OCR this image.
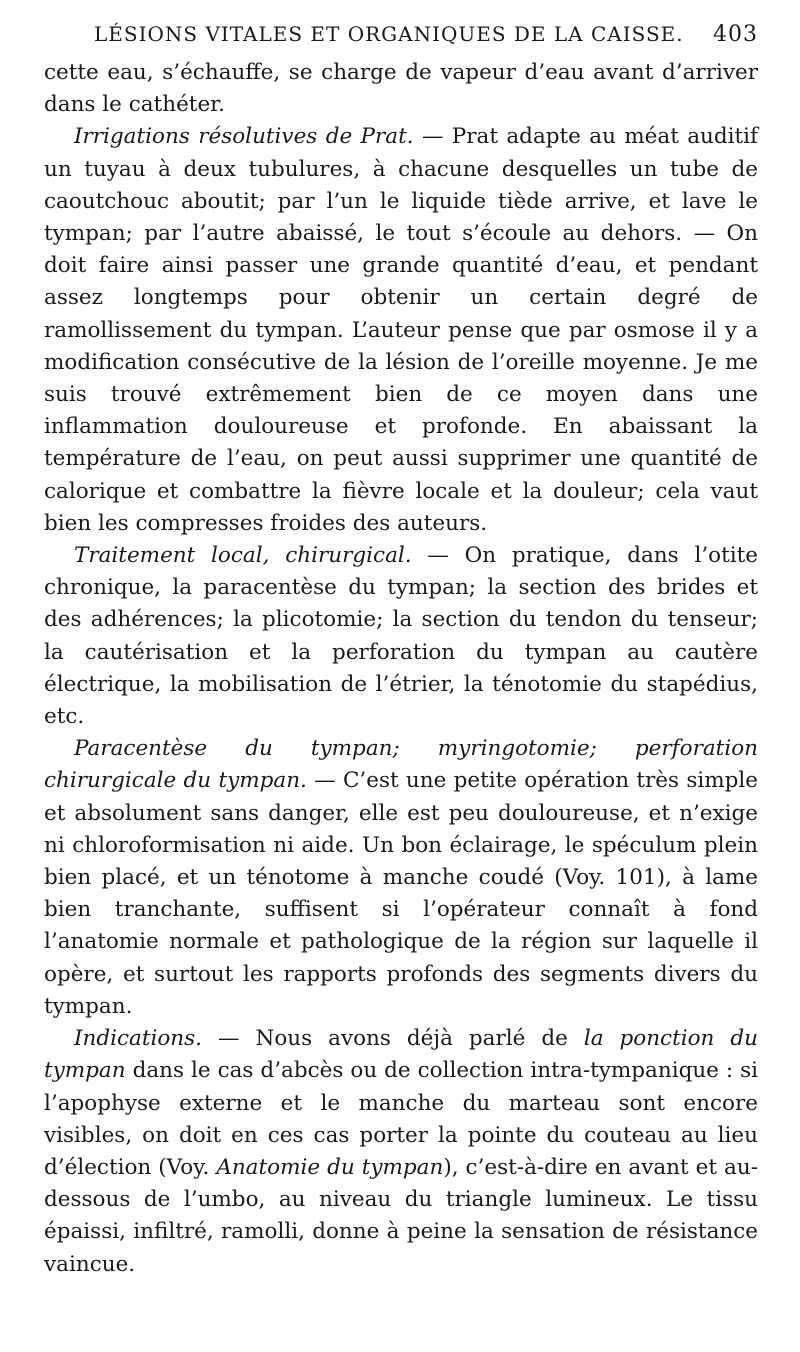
LÉSIONS VITALES ET ORGANIQUES DE LA CAISSE. 403

cette eau, s’échauffe, se charge de vapeur d’eau avant d’arriver dans le cathéter.

Irrigations résolutives de Prat. — Prat adapte au méat auditif un tuyau à deux tubulures, à chacune desquelles un tube de caoutchouc aboutit; par l’un le liquide tiède arrive, et lave le tympan; par l’autre abaissé, le tout s’écoule au dehors. — On doit faire ainsi passer une grande quantité d’eau, et pendant assez longtemps pour obtenir un certain degré de ramollissement du tympan. L’auteur pense que par osmose il y a modification consécutive de la lésion de l’oreille moyenne. Je me suis trouvé extrêmement bien de ce moyen dans une inflammation douloureuse et profonde. En abaissant la température de l’eau, on peut aussi supprimer une quantité de calorique et combattre la fièvre locale et la douleur; cela vaut bien les compresses froides des auteurs.

Traitement local, chirurgical. — On pratique, dans l’otite chronique, la paracentèse du tympan; la section des brides et des adhérences; la plicotomie; la section du tendon du tenseur; la cautérisation et la perforation du tympan au cautère électrique, la mobilisation de l’étrier, la ténotomie du stapédius, etc.

Paracentèse du tympan; myringotomie; perforation chirurgicale du tympan. — C’est une petite opération très simple et absolument sans danger, elle est peu douloureuse, et n’exige ni chloroformisation ni aide. Un bon éclairage, le spéculum plein bien placé, et un ténotome à manche coudé (Voy. 101), à lame bien tranchante, suffisent si l’opérateur connaît à fond l’anatomie normale et pathologique de la région sur laquelle il opère, et surtout les rapports profonds des segments divers du tympan.

Indications. — Nous avons déjà parlé de la ponction du tympan dans le cas d’abcès ou de collection intra-tympanique : si l’apophyse externe et le manche du marteau sont encore visibles, on doit en ces cas porter la pointe du couteau au lieu d’élection (Voy. Anatomie du tympan), c’est-à-dire en avant et au-dessous de l’umbo, au niveau du triangle lumineux. Le tissu épaissi, infiltré, ramolli, donne à peine la sensation de résistance vaincue.
